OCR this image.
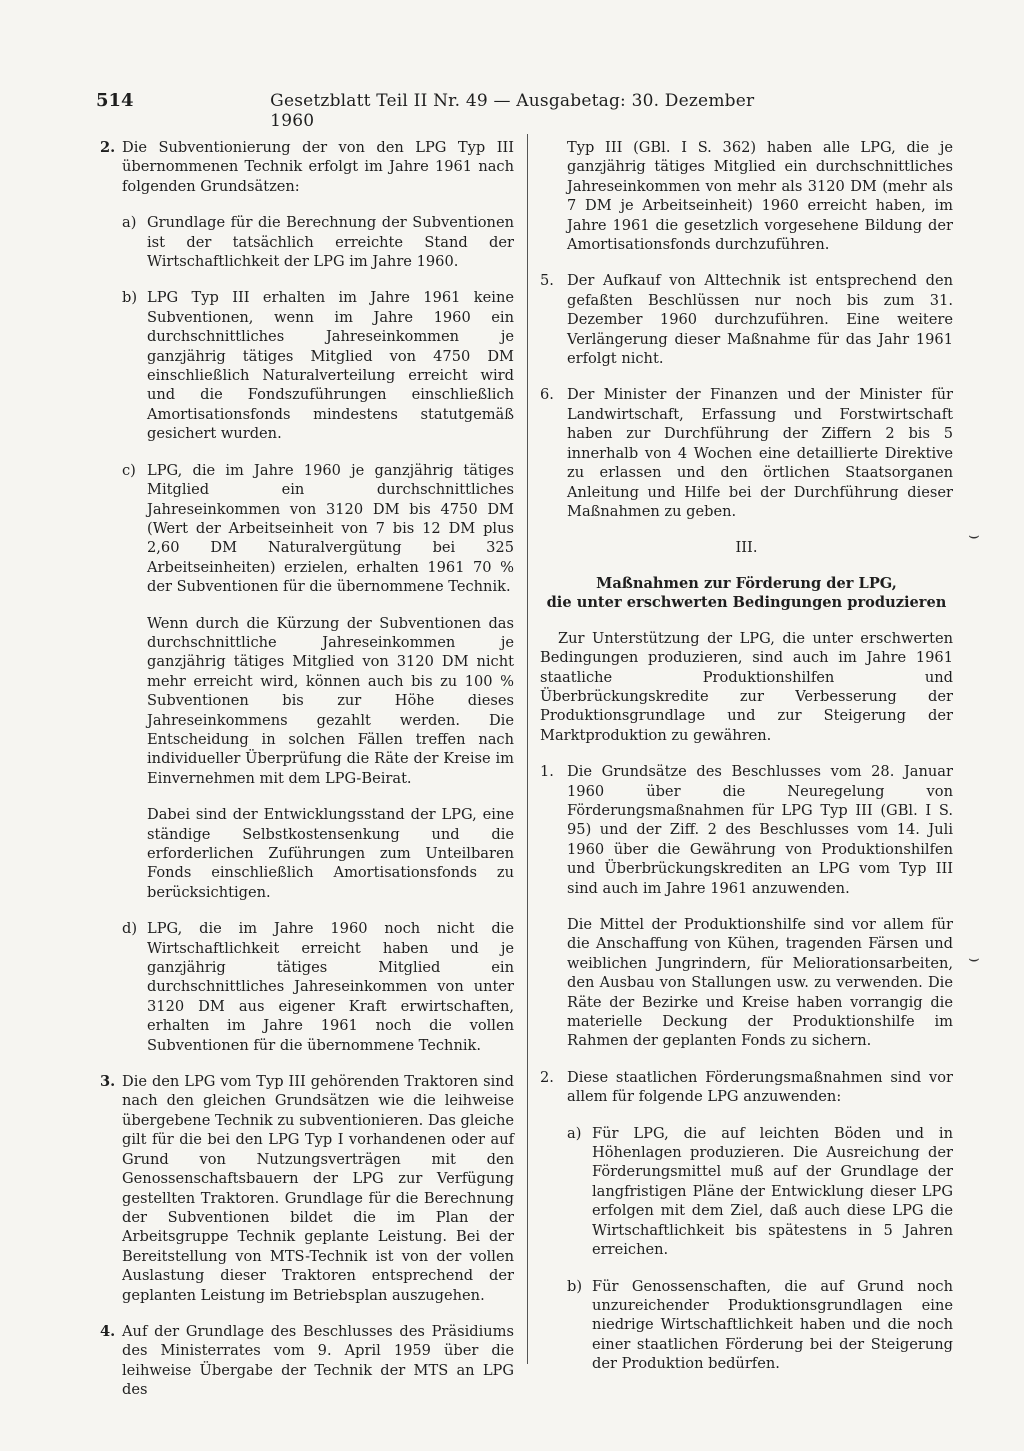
514	Gesetzblatt Teil II Nr. 49 — Ausgabetag: 30. Dezember 1960
2. Die Subventionierung der von den LPG Typ III übernommenen Technik erfolgt im Jahre 1961 nach folgenden Grundsätzen:
a) Grundlage für die Berechnung der Subventionen ist der tatsächlich erreichte Stand der Wirtschaftlichkeit der LPG im Jahre 1960.
b) LPG Typ III erhalten im Jahre 1961 keine Subventionen, wenn im Jahre 1960 ein durchschnittliches Jahreseinkommen je ganzjährig tätiges Mitglied von 4750 DM einschließlich Naturalverteilung erreicht wird und die Fondszuführungen einschließlich Amortisationsfonds mindestens statutgemäß gesichert wurden.
c) LPG, die im Jahre 1960 je ganzjährig tätiges Mitglied ein durchschnittliches Jahreseinkommen von 3120 DM bis 4750 DM (Wert der Arbeitseinheit von 7 bis 12 DM plus 2,60 DM Naturalvergütung bei 325 Arbeitseinheiten) erzielen, erhalten 1961 70 % der Subventionen für die übernommene Technik.
Wenn durch die Kürzung der Subventionen das durchschnittliche Jahreseinkommen je ganzjährig tätiges Mitglied von 3120 DM nicht mehr erreicht wird, können auch bis zu 100 % Subventionen bis zur Höhe dieses Jahreseinkommens gezahlt werden. Die Entscheidung in solchen Fällen treffen nach individueller Überprüfung die Räte der Kreise im Einvernehmen mit dem LPG-Beirat.
Dabei sind der Entwicklungsstand der LPG, eine ständige Selbstkostensenkung und die erforderlichen Zuführungen zum Unteilbaren Fonds einschließlich Amortisationsfonds zu berücksichtigen.
d) LPG, die im Jahre 1960 noch nicht die Wirtschaftlichkeit erreicht haben und je ganzjährig tätiges Mitglied ein durchschnittliches Jahreseinkommen von unter 3120 DM aus eigener Kraft erwirtschaften, erhalten im Jahre 1961 noch die vollen Subventionen für die übernommene Technik.
3. Die den LPG vom Typ III gehörenden Traktoren sind nach den gleichen Grundsätzen wie die leihweise übergebene Technik zu subventionieren. Das gleiche gilt für die bei den LPG Typ I vorhandenen oder auf Grund von Nutzungsverträgen mit den Genossenschaftsbauern der LPG zur Verfügung gestellten Traktoren. Grundlage für die Berechnung der Subventionen bildet die im Plan der Arbeitsgruppe Technik geplante Leistung. Bei der Bereitstellung von MTS-Technik ist von der vollen Auslastung dieser Traktoren entsprechend der geplanten Leistung im Betriebsplan auszugehen.
4. Auf der Grundlage des Beschlusses des Präsidiums des Ministerrates vom 9. April 1959 über die leihweise Übergabe der Technik der MTS an LPG des
Typ III (GBl. I S. 362) haben alle LPG, die je ganzjährig tätiges Mitglied ein durchschnittliches Jahreseinkommen von mehr als 3120 DM (mehr als 7 DM je Arbeitseinheit) 1960 erreicht haben, im Jahre 1961 die gesetzlich vorgesehene Bildung der Amortisationsfonds durchzuführen.
5. Der Aufkauf von Alttechnik ist entsprechend den gefaßten Beschlüssen nur noch bis zum 31. Dezember 1960 durchzuführen. Eine weitere Verlängerung dieser Maßnahme für das Jahr 1961 erfolgt nicht.
6. Der Minister der Finanzen und der Minister für Landwirtschaft, Erfassung und Forstwirtschaft haben zur Durchführung der Ziffern 2 bis 5 innerhalb von 4 Wochen eine detaillierte Direktive zu erlassen und den örtlichen Staatsorganen Anleitung und Hilfe bei der Durchführung dieser Maßnahmen zu geben.
III.
Maßnahmen zur Förderung der LPG,
die unter erschwerten Bedingungen produzieren
Zur Unterstützung der LPG, die unter erschwerten Bedingungen produzieren, sind auch im Jahre 1961 staatliche Produktionshilfen und Überbrückungskredite zur Verbesserung der Produktionsgrundlage und zur Steigerung der Marktproduktion zu gewähren.
1. Die Grundsätze des Beschlusses vom 28. Januar 1960 über die Neuregelung von Förderungsmaßnahmen für LPG Typ III (GBl. I S. 95) und der Ziff. 2 des Beschlusses vom 14. Juli 1960 über die Gewährung von Produktionshilfen und Überbrückungskrediten an LPG vom Typ III sind auch im Jahre 1961 anzuwenden.
Die Mittel der Produktionshilfe sind vor allem für die Anschaffung von Kühen, tragenden Färsen und weiblichen Jungrindern, für Meliorationsarbeiten, den Ausbau von Stallungen usw. zu verwenden. Die Räte der Bezirke und Kreise haben vorrangig die materielle Deckung der Produktionshilfe im Rahmen der geplanten Fonds zu sichern.
2. Diese staatlichen Förderungsmaßnahmen sind vor allem für folgende LPG anzuwenden:
a) Für LPG, die auf leichten Böden und in Höhenlagen produzieren. Die Ausreichung der Förderungsmittel muß auf der Grundlage der langfristigen Pläne der Entwicklung dieser LPG erfolgen mit dem Ziel, daß auch diese LPG die Wirtschaftlichkeit bis spätestens in 5 Jahren erreichen.
b) Für Genossenschaften, die auf Grund noch unzureichender Produktionsgrundlagen eine niedrige Wirtschaftlichkeit haben und die noch einer staatlichen Förderung bei der Steigerung der Produktion bedürfen.
⌣
⌣
